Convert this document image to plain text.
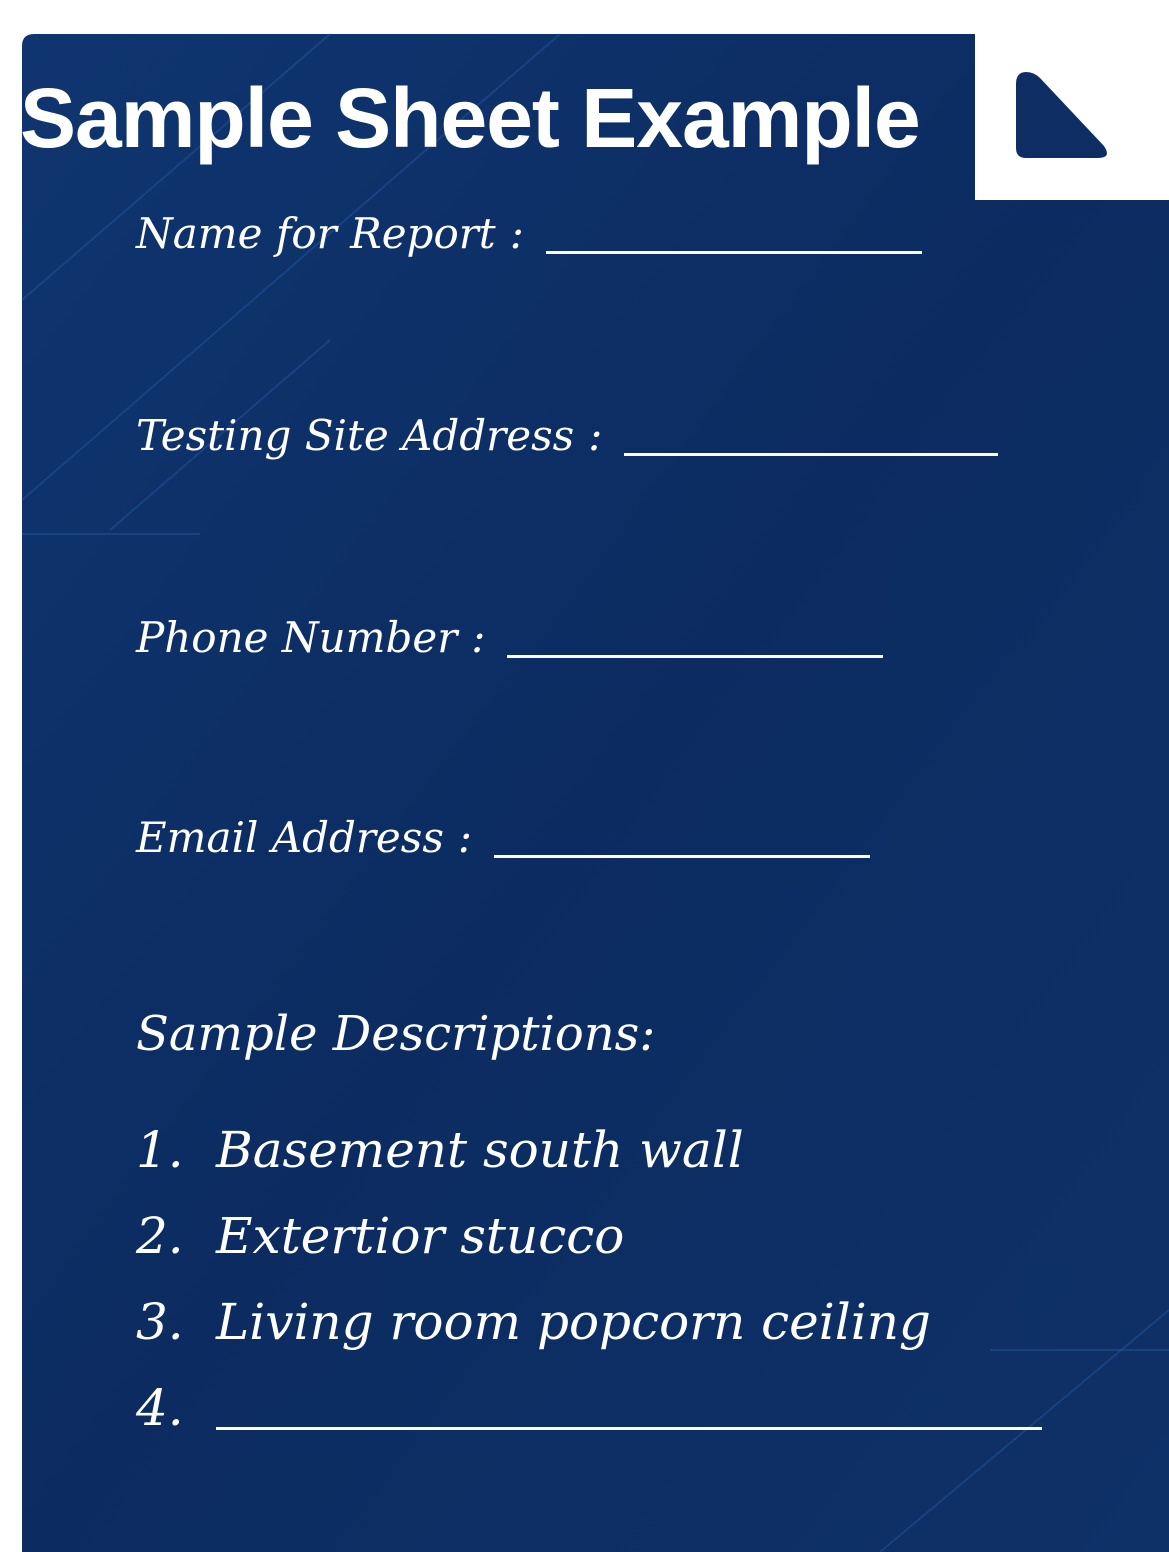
Sample Sheet Example
Name for Report :
Testing Site Address :
Phone Number :
Email Address :
Sample Descriptions:
1. Basement south wall
2. Extertior stucco
3. Living room popcorn ceiling
4.
